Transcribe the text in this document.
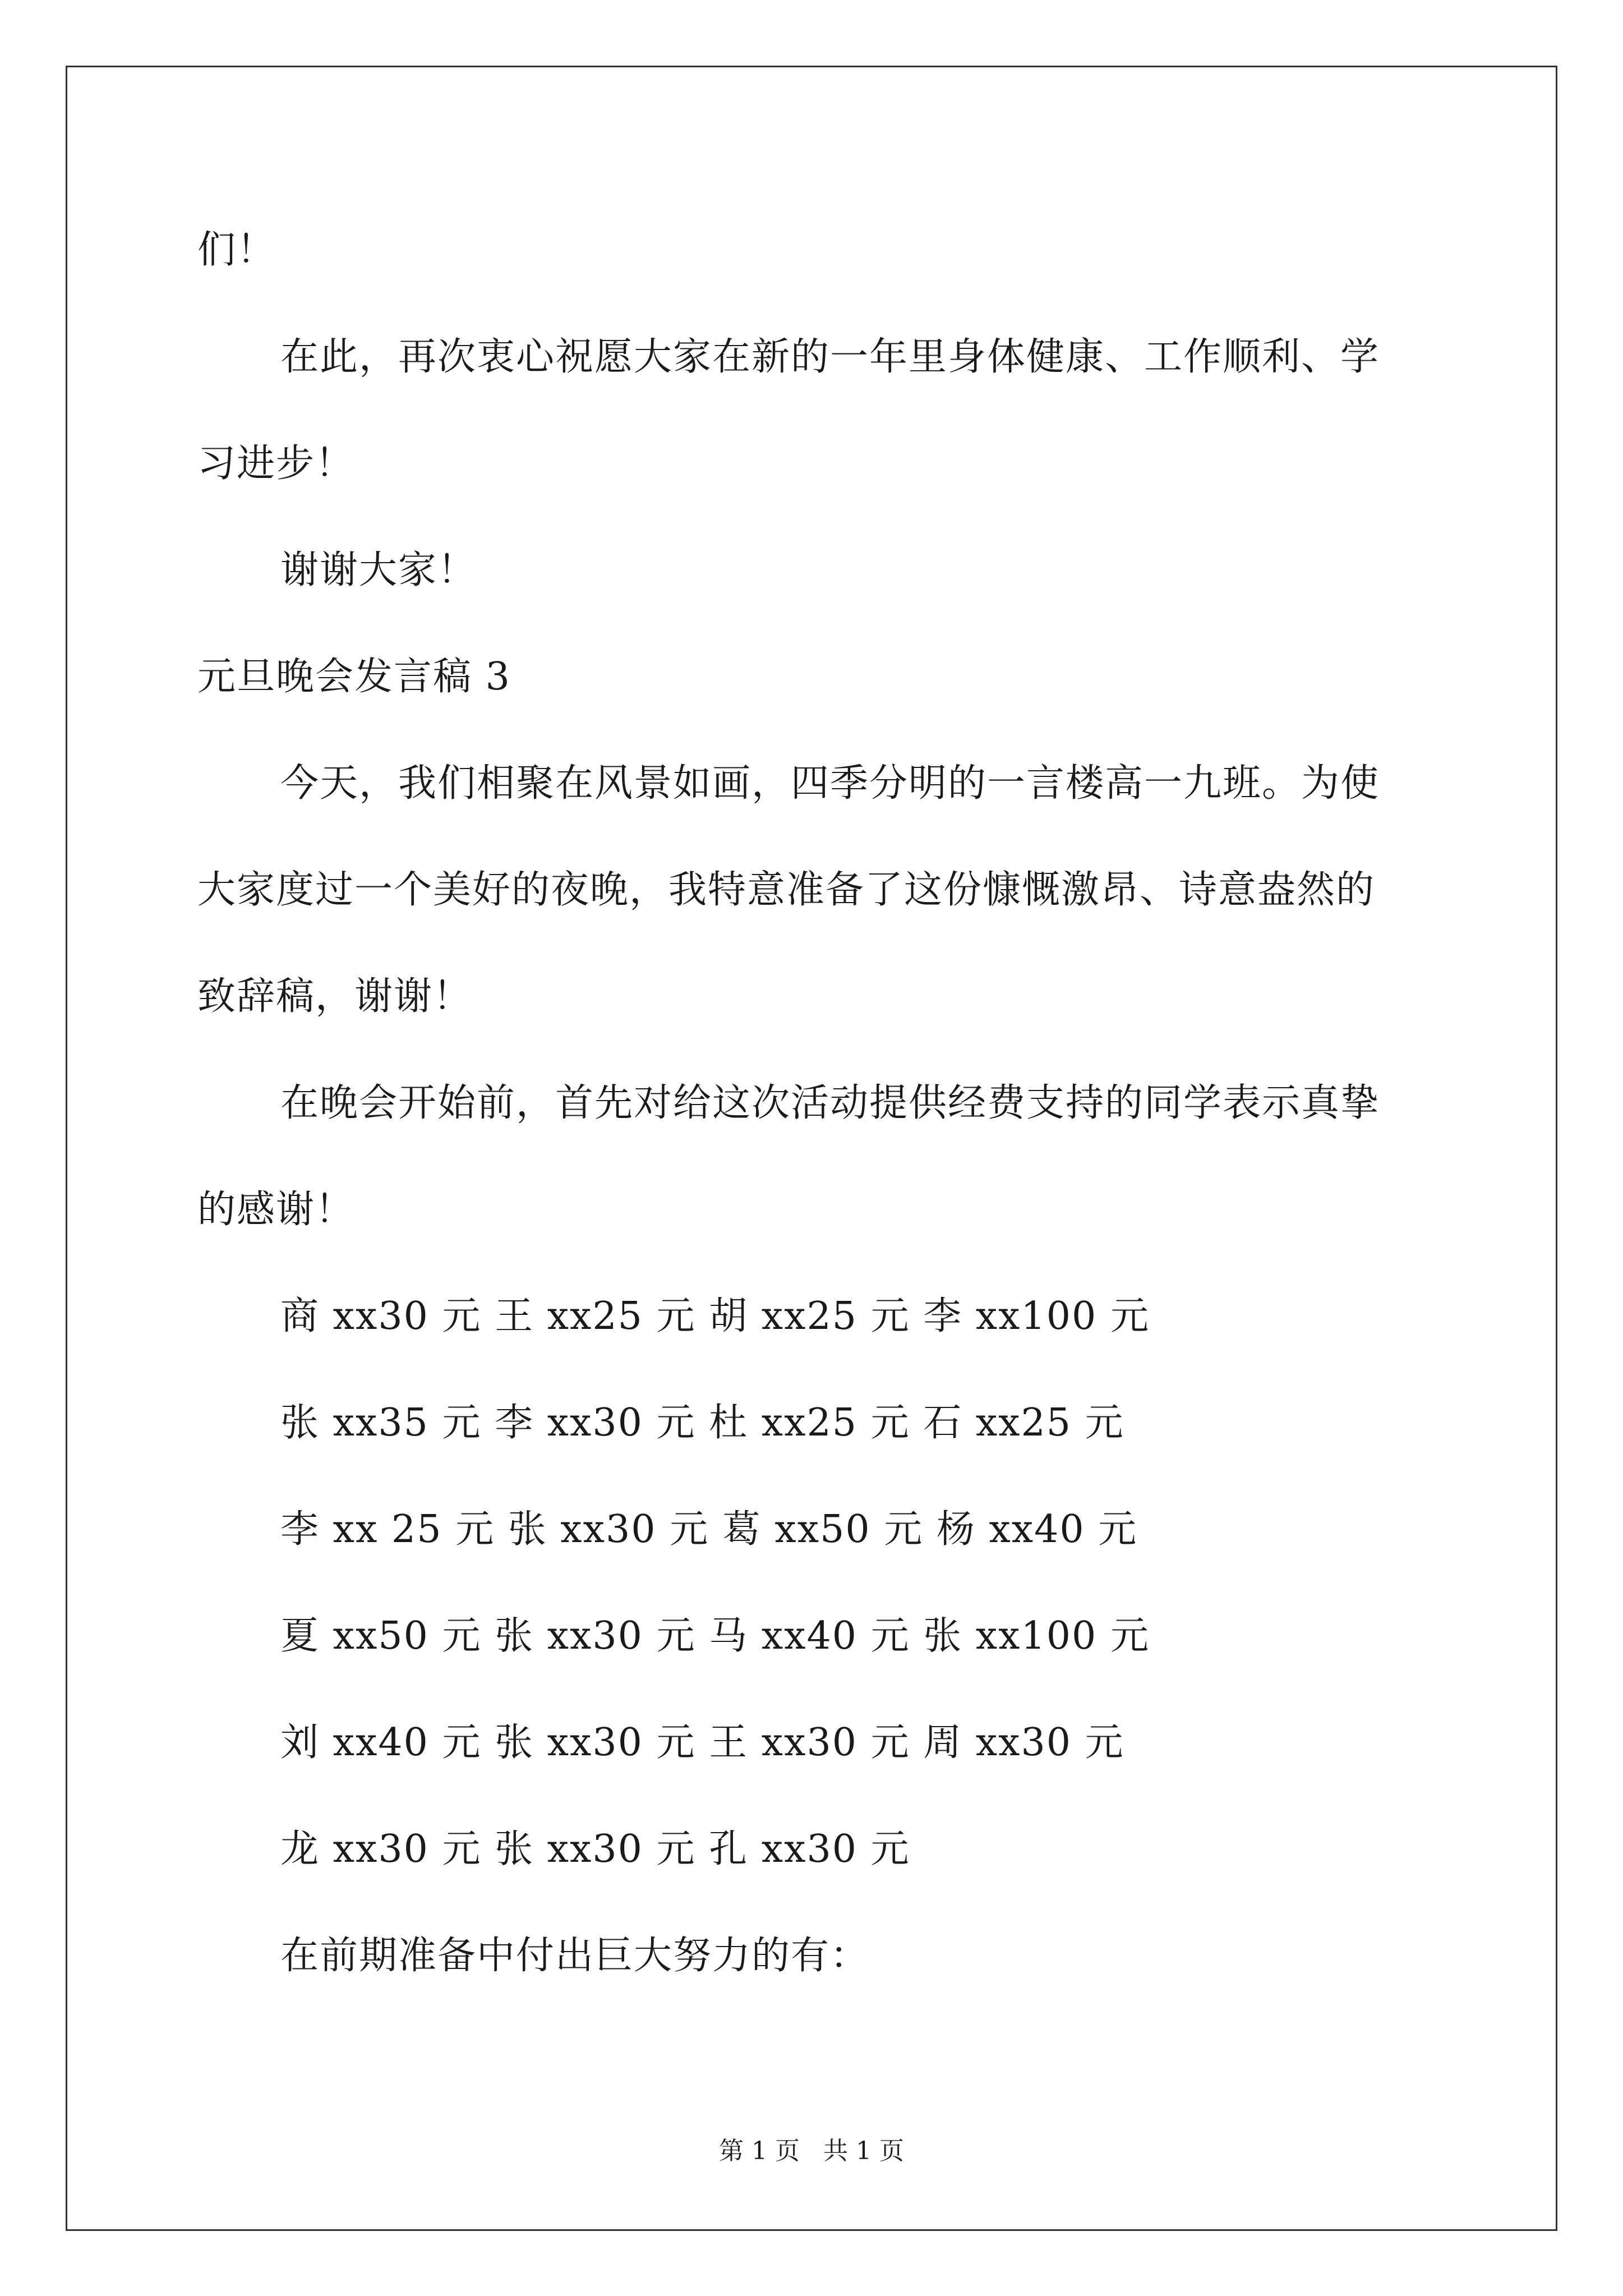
们！
在此，再次衷心祝愿大家在新的一年里身体健康、工作顺利、学
习进步！
谢谢大家！
元旦晚会发言稿 3
今天，我们相聚在风景如画，四季分明的一言楼高一九班。为使
大家度过一个美好的夜晚，我特意准备了这份慷慨激昂、诗意盎然的
致辞稿，谢谢！
在晚会开始前，首先对给这次活动提供经费支持的同学表示真挚
的感谢！
商 xx30 元 王 xx25 元 胡 xx25 元 李 xx100 元
张 xx35 元 李 xx30 元 杜 xx25 元 石 xx25 元
李 xx 25 元 张 xx30 元 葛 xx50 元 杨 xx40 元
夏 xx50 元 张 xx30 元 马 xx40 元 张 xx100 元
刘 xx40 元 张 xx30 元 王 xx30 元 周 xx30 元
龙 xx30 元 张 xx30 元 孔 xx30 元
在前期准备中付出巨大努力的有：
第 1 页 共 1 页
